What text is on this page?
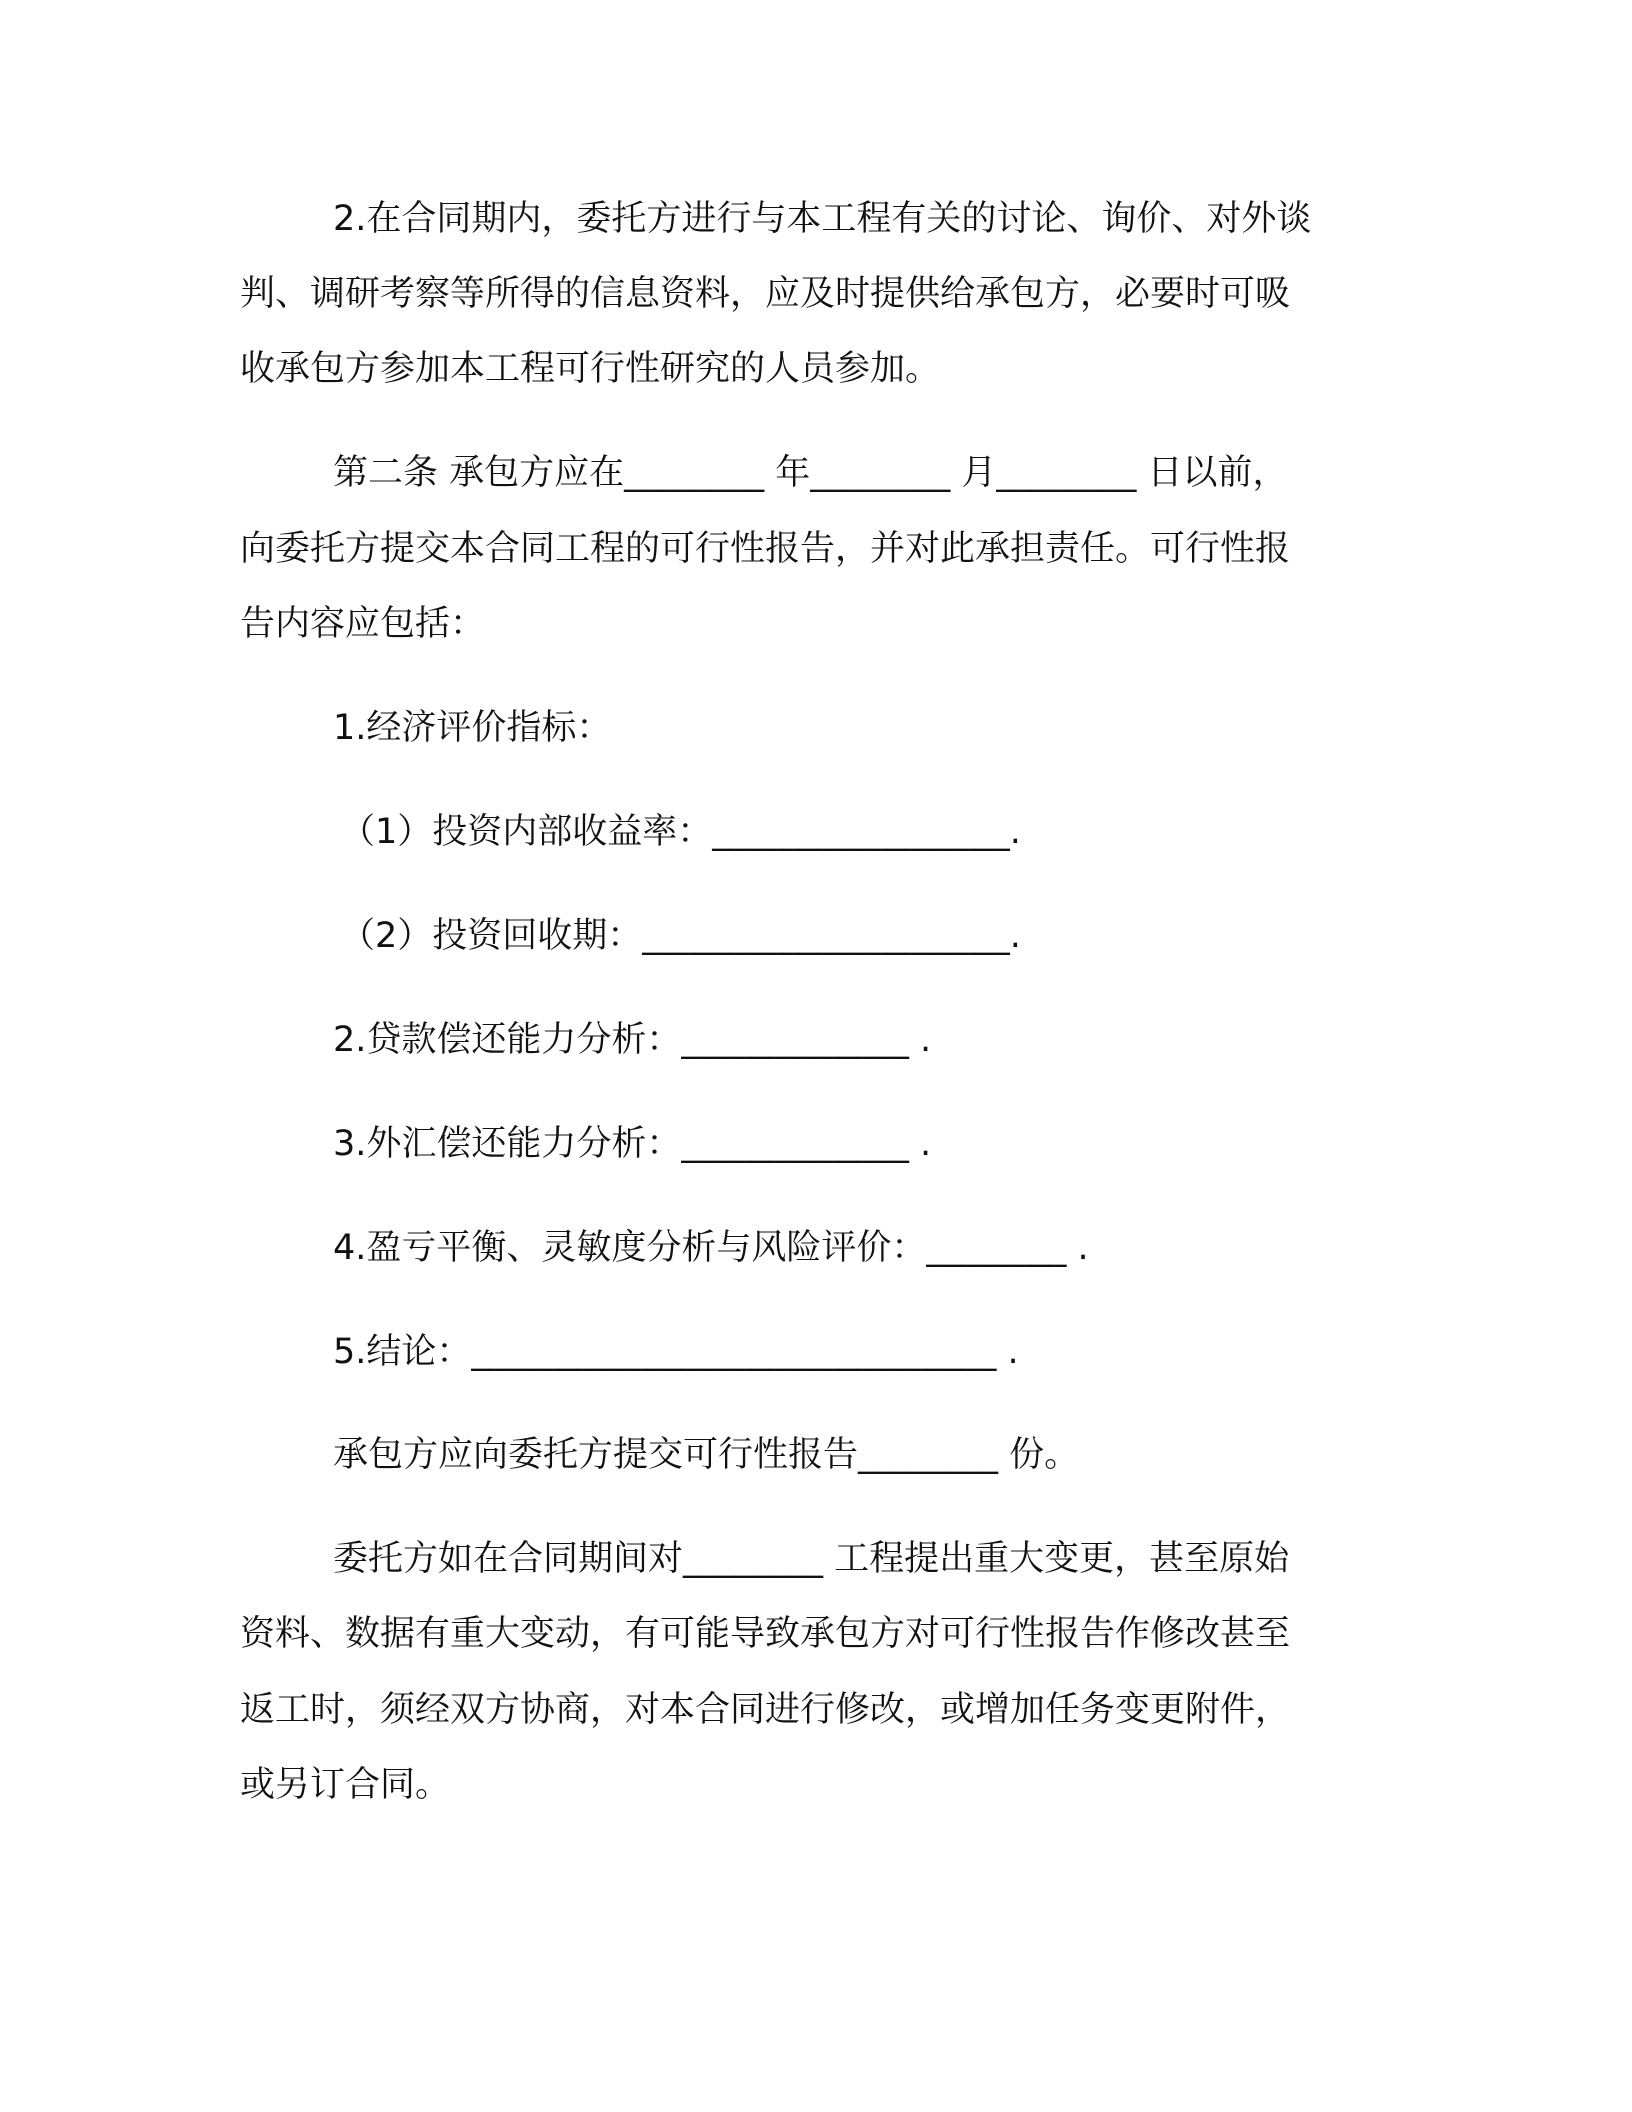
2.在合同期内，委托方进行与本工程有关的讨论、询价、对外谈
判、调研考察等所得的信息资料，应及时提供给承包方，必要时可吸
收承包方参加本工程可行性研究的人员参加。
第二条 承包方应在________ 年________ 月________ 日以前，
向委托方提交本合同工程的可行性报告，并对此承担责任。可行性报
告内容应包括：
1.经济评价指标：
（1）投资内部收益率：_________________.
（2）投资回收期：_____________________.
2.贷款偿还能力分析：_____________ .
3.外汇偿还能力分析：_____________ .
4.盈亏平衡、灵敏度分析与风险评价：________ .
5.结论：______________________________ .
承包方应向委托方提交可行性报告________ 份。
委托方如在合同期间对________ 工程提出重大变更，甚至原始
资料、数据有重大变动，有可能导致承包方对可行性报告作修改甚至
返工时，须经双方协商，对本合同进行修改，或增加任务变更附件，
或另订合同。
